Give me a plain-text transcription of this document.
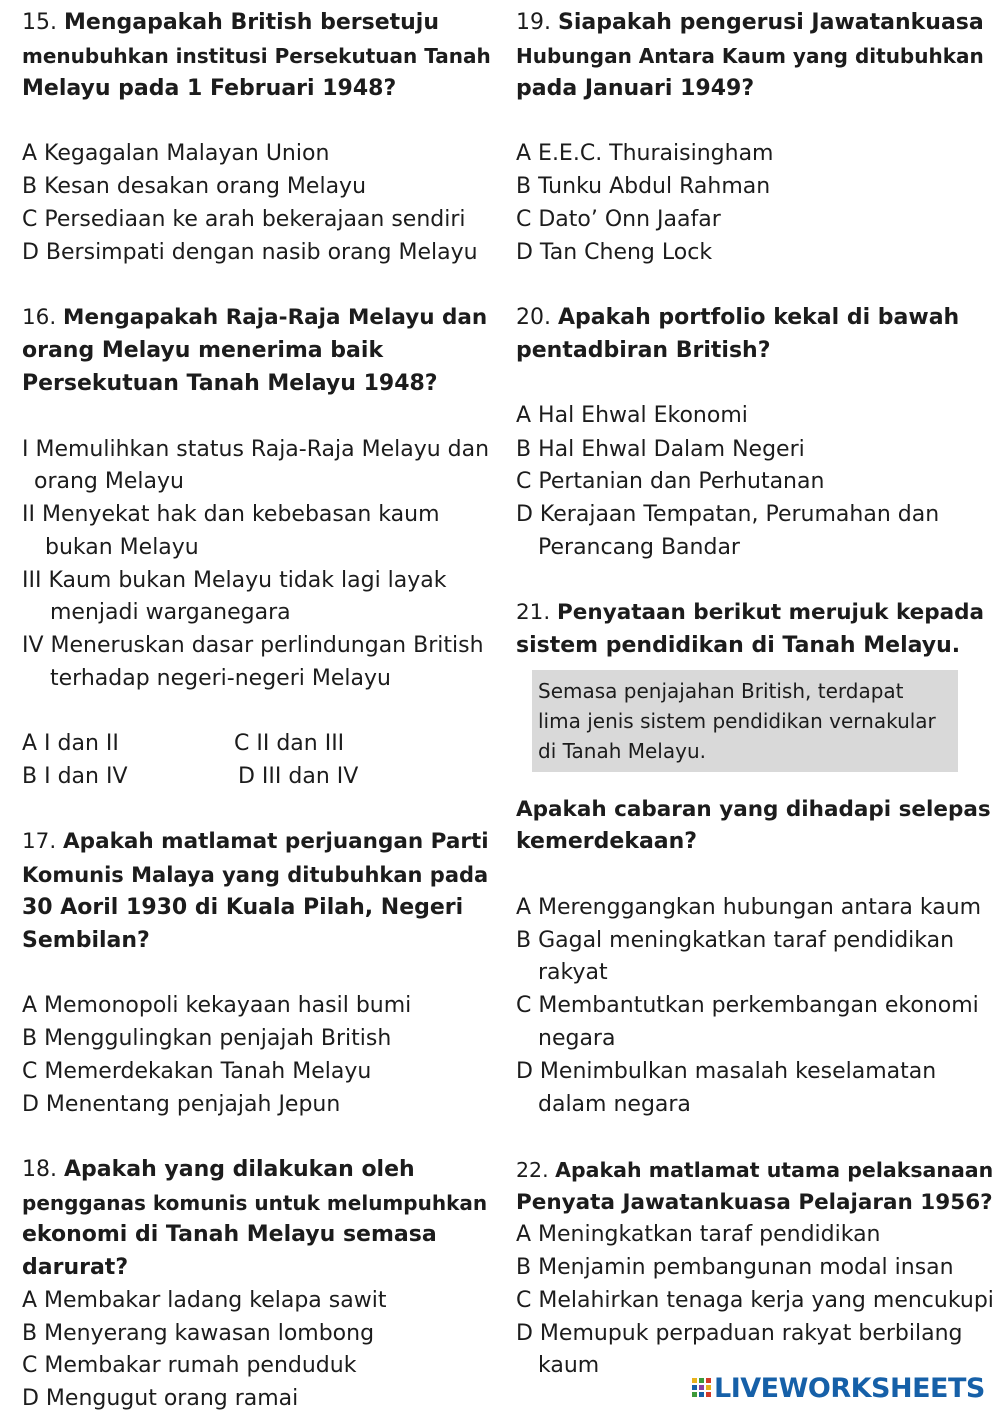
15. Mengapakah British bersetuju
menubuhkan institusi Persekutuan Tanah
Melayu pada 1 Februari 1948?
A Kegagalan Malayan Union
B Kesan desakan orang Melayu
C Persediaan ke arah bekerajaan sendiri
D Bersimpati dengan nasib orang Melayu
16. Mengapakah Raja-Raja Melayu dan
orang Melayu menerima baik
Persekutuan Tanah Melayu 1948?
I Memulihkan status Raja-Raja Melayu dan
orang Melayu
II Menyekat hak dan kebebasan kaum
bukan Melayu
III Kaum bukan Melayu tidak lagi layak
menjadi warganegara
IV Meneruskan dasar perlindungan British
terhadap negeri-negeri Melayu
A I dan II	C II dan III
B I dan IV	D III dan IV
17. Apakah matlamat perjuangan Parti
Komunis Malaya yang ditubuhkan pada
30 Aoril 1930 di Kuala Pilah, Negeri
Sembilan?
A Memonopoli kekayaan hasil bumi
B Menggulingkan penjajah British
C Memerdekakan Tanah Melayu
D Menentang penjajah Jepun
18. Apakah yang dilakukan oleh
pengganas komunis untuk melumpuhkan
ekonomi di Tanah Melayu semasa
darurat?
A Membakar ladang kelapa sawit
B Menyerang kawasan lombong
C Membakar rumah penduduk
D Mengugut orang ramai
19. Siapakah pengerusi Jawatankuasa
Hubungan Antara Kaum yang ditubuhkan
pada Januari 1949?
A E.E.C. Thuraisingham
B Tunku Abdul Rahman
C Dato’ Onn Jaafar
D Tan Cheng Lock
20. Apakah portfolio kekal di bawah
pentadbiran British?
A Hal Ehwal Ekonomi
B Hal Ehwal Dalam Negeri
C Pertanian dan Perhutanan
D Kerajaan Tempatan, Perumahan dan
Perancang Bandar
21. Penyataan berikut merujuk kepada
sistem pendidikan di Tanah Melayu.
Semasa penjajahan British, terdapat
lima jenis sistem pendidikan vernakular
di Tanah Melayu.
Apakah cabaran yang dihadapi selepas
kemerdekaan?
A Merenggangkan hubungan antara kaum
B Gagal meningkatkan taraf pendidikan
rakyat
C Membantutkan perkembangan ekonomi
negara
D Menimbulkan masalah keselamatan
dalam negara
22. Apakah matlamat utama pelaksanaan
Penyata Jawatankuasa Pelajaran 1956?
A Meningkatkan taraf pendidikan
B Menjamin pembangunan modal insan
C Melahirkan tenaga kerja yang mencukupi
D Memupuk perpaduan rakyat berbilang
kaum
LIVEWORKSHEETS
